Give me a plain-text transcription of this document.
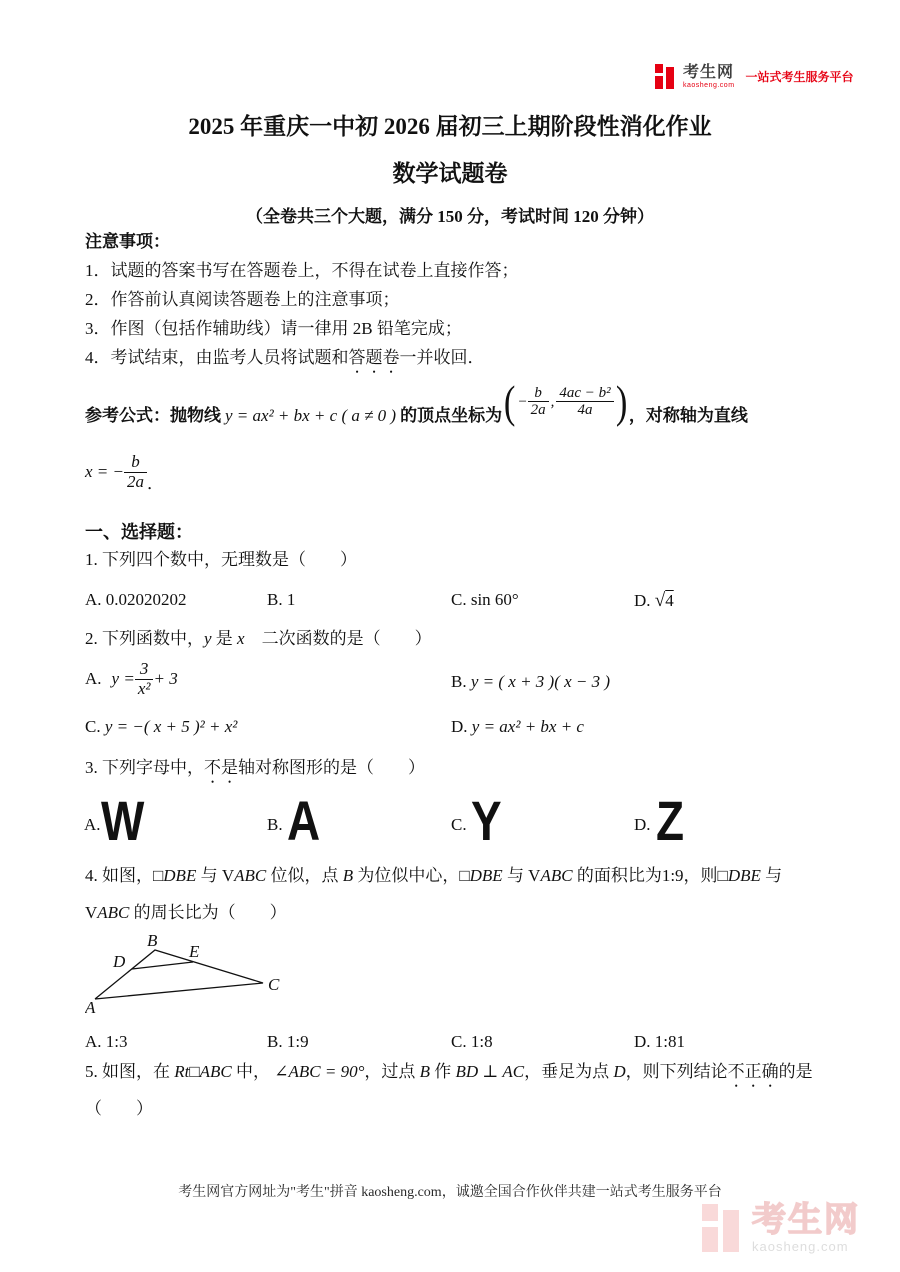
考生网
kaosheng.com
一站式考生服务平台
2025 年重庆一中初 2026 届初三上期阶段性消化作业
数学试题卷
（全卷共三个大题，满分 150 分，考试时间 120 分钟）
注意事项：
1．试题的答案书写在答题卷上，不得在试卷上直接作答；
2．作答前认真阅读答题卷上的注意事项；
3．作图（包括作辅助线）请一律用 2B 铅笔完成；
4．考试结束，由监考人员将试题和答题卷一并收回．
参考公式：抛物线 y = ax² + bx + c ( a ≠ 0 ) 的顶点坐标为 ( − $\frac{b}{2a}$ , $\frac{\text{4ac − b²}}{4a}$ ) ，对称轴为直线
x = − $\frac{b}{2a}$ ．
一、选择题：
1. 下列四个数中，无理数是（　　）
A. 0.02020202	B. 1	C. sin 60°	D. √4
2. 下列函数中，y 是 x　二次函数的是（　　）
A. $y = \frac{3}{\text{x²}} + 3$	B. y = ( x + 3 )( x − 3 )
C. y = −( x + 5 )² + x²	D. y = ax² + bx + c
3. 下列字母中，不是轴对称图形的是（　　）
A. W	B. A	C. Y	D. Z
4. 如图，□DBE 与 VABC 位似，点 B 为位似中心，□DBE 与 VABC 的面积比为1:9，则□DBE 与
VABC 的周长比为（　　）
B
D
E
A
C
A. 1:3	B. 1:9	C. 1:8	D. 1:81
5. 如图，在 Rt□ABC 中， ∠ABC = 90°，过点 B 作 BD ⊥ AC，垂足为点 D，则下列结论不正确的是
（　　）
考生网官方网址为"考生"拼音 kaosheng.com，诚邀全国合作伙伴共建一站式考生服务平台
考生网
kaosheng.com
